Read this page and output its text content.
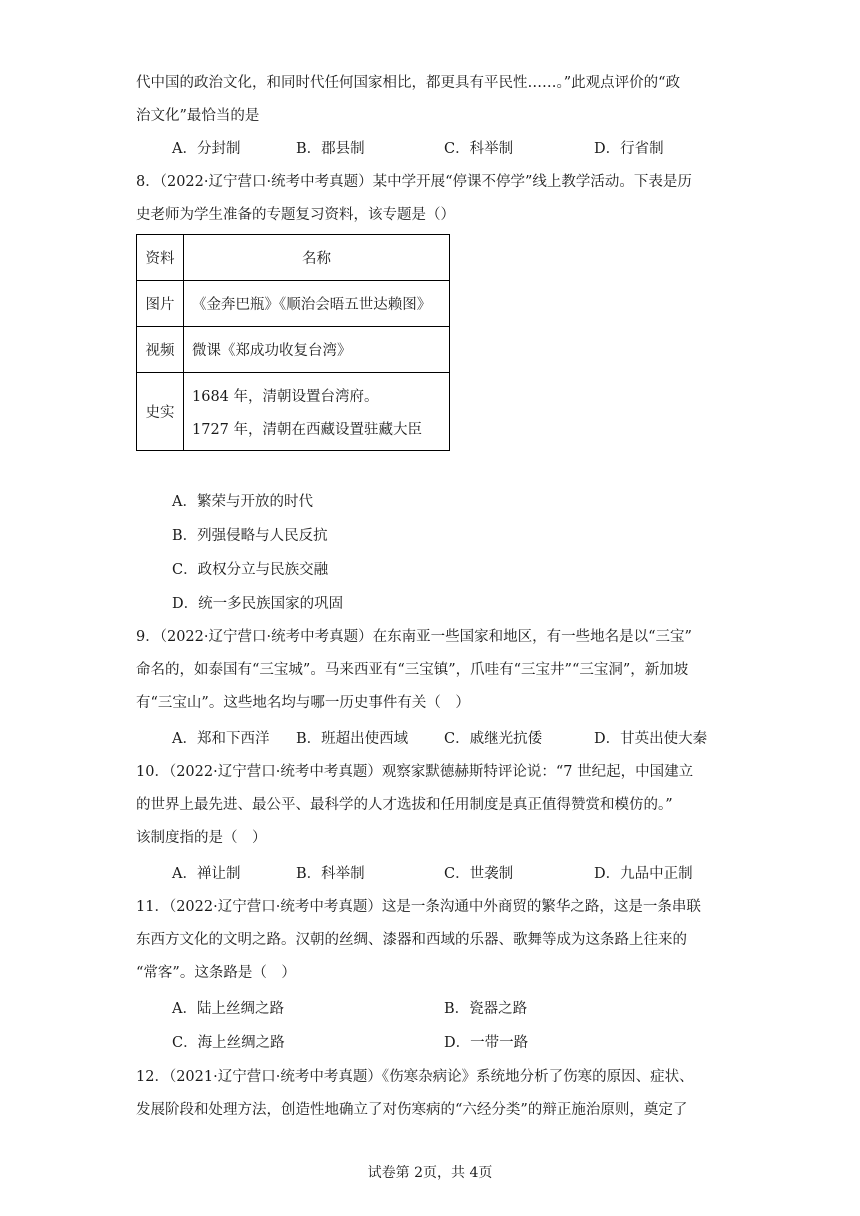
代中国的政治文化，和同时代任何国家相比，都更具有平民性……。”此观点评价的“政
治文化”最恰当的是
A．分封制	B．郡县制	C．科举制	D．行省制
8．（2022·辽宁营口·统考中考真题）某中学开展“停课不停学”线上教学活动。下表是历
史老师为学生准备的专题复习资料，该专题是（）
资料	名称
图片	《金奔巴瓶》《顺治会晤五世达赖图》
视频	微课《郑成功收复台湾》
史实	1684 年，清朝设置台湾府。
1727 年，清朝在西藏设置驻藏大臣
A．繁荣与开放的时代
B．列强侵略与人民反抗
C．政权分立与民族交融
D．统一多民族国家的巩固
9．（2022·辽宁营口·统考中考真题）在东南亚一些国家和地区，有一些地名是以“三宝”
命名的，如泰国有“三宝城”。马来西亚有“三宝镇”，爪哇有“三宝井”“三宝洞”，新加坡
有“三宝山”。这些地名均与哪一历史事件有关（　）
A．郑和下西洋 B．班超出使西域 C．戚继光抗倭	D．甘英出使大秦
10．（2022·辽宁营口·统考中考真题）观察家默德赫斯特评论说：“7 世纪起，中国建立
的世界上最先进、最公平、最科学的人才选拔和任用制度是真正值得赞赏和模仿的。”
该制度指的是（　）
A．禅让制	B．科举制	C．世袭制	D．九品中正制
11．（2022·辽宁营口·统考中考真题）这是一条沟通中外商贸的繁华之路，这是一条串联
东西方文化的文明之路。汉朝的丝绸、漆器和西域的乐器、歌舞等成为这条路上往来的
“常客”。这条路是（　）
A．陆上丝绸之路	B．瓷器之路
C．海上丝绸之路	D．一带一路
12．（2021·辽宁营口·统考中考真题）《伤寒杂病论》系统地分析了伤寒的原因、症状、
发展阶段和处理方法，创造性地确立了对伤寒病的“六经分类”的辩正施治原则，奠定了
试卷第 2页，共 4页
